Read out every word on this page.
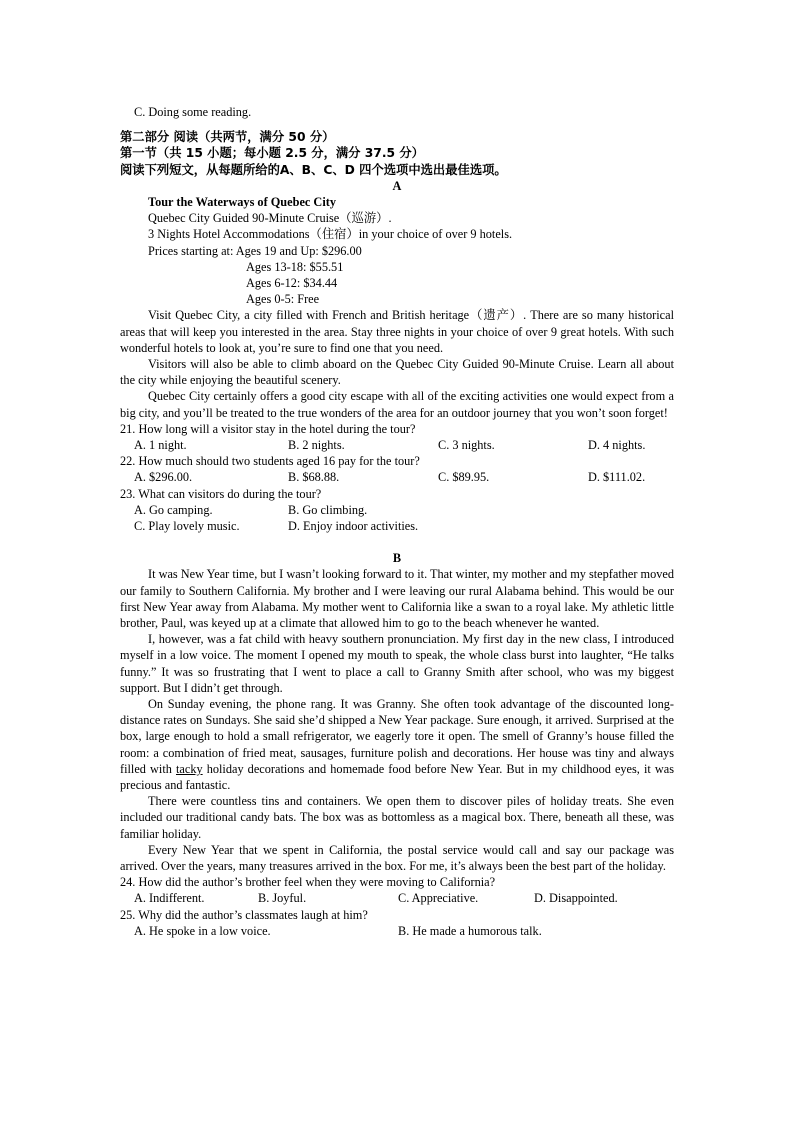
C. Doing some reading.
第二部分 阅读（共两节，满分 50 分）
第一节（共 15 小题；每小题 2.5 分，满分 37.5 分）
阅读下列短文，从每题所给的A、B、C、D 四个选项中选出最佳选项。
A
Tour the Waterways of Quebec City
Quebec City Guided 90-Minute Cruise（巡游）.
3 Nights Hotel Accommodations（住宿）in your choice of over 9 hotels.
Prices starting at: Ages 19 and Up: $296.00
Ages 13-18: $55.51
Ages 6-12: $34.44
Ages 0-5: Free
Visit Quebec City, a city filled with French and British heritage（遗产）. There are so many historical areas that will keep you interested in the area. Stay three nights in your choice of over 9 great hotels. With such wonderful hotels to look at, you’re sure to find one that you need.
Visitors will also be able to climb aboard on the Quebec City Guided 90-Minute Cruise. Learn all about the city while enjoying the beautiful scenery.
Quebec City certainly offers a good city escape with all of the exciting activities one would expect from a big city, and you’ll be treated to the true wonders of the area for an outdoor journey that you won’t soon forget!
21. How long will a visitor stay in the hotel during the tour?
A. 1 night.	B. 2 nights.	C. 3 nights.	D. 4 nights.
22. How much should two students aged 16 pay for the tour?
A. $296.00.	B. $68.88.	C. $89.95.	D. $111.02.
23. What can visitors do during the tour?
A. Go camping.	B. Go climbing.
C. Play lovely music.	D. Enjoy indoor activities.
B
It was New Year time, but I wasn’t looking forward to it. That winter, my mother and my stepfather moved our family to Southern California. My brother and I were leaving our rural Alabama behind. This would be our first New Year away from Alabama. My mother went to California like a swan to a royal lake. My athletic little brother, Paul, was keyed up at a climate that allowed him to go to the beach whenever he wanted.
I, however, was a fat child with heavy southern pronunciation. My first day in the new class, I introduced myself in a low voice. The moment I opened my mouth to speak, the whole class burst into laughter, “He talks funny.” It was so frustrating that I went to place a call to Granny Smith after school, who was my biggest support. But I didn’t get through.
On Sunday evening, the phone rang. It was Granny. She often took advantage of the discounted long-distance rates on Sundays. She said she’d shipped a New Year package. Sure enough, it arrived. Surprised at the box, large enough to hold a small refrigerator, we eagerly tore it open. The smell of Granny’s house filled the room: a combination of fried meat, sausages, furniture polish and decorations. Her house was tiny and always filled with tacky holiday decorations and homemade food before New Year. But in my childhood eyes, it was precious and fantastic.
There were countless tins and containers. We open them to discover piles of holiday treats. She even included our traditional candy bats. The box was as bottomless as a magical box. There, beneath all these, was familiar holiday.
Every New Year that we spent in California, the postal service would call and say our package was arrived. Over the years, many treasures arrived in the box. For me, it’s always been the best part of the holiday.
24. How did the author’s brother feel when they were moving to California?
A. Indifferent.	B. Joyful.	C. Appreciative.	D. Disappointed.
25. Why did the author’s classmates laugh at him?
A. He spoke in a low voice.	B. He made a humorous talk.
